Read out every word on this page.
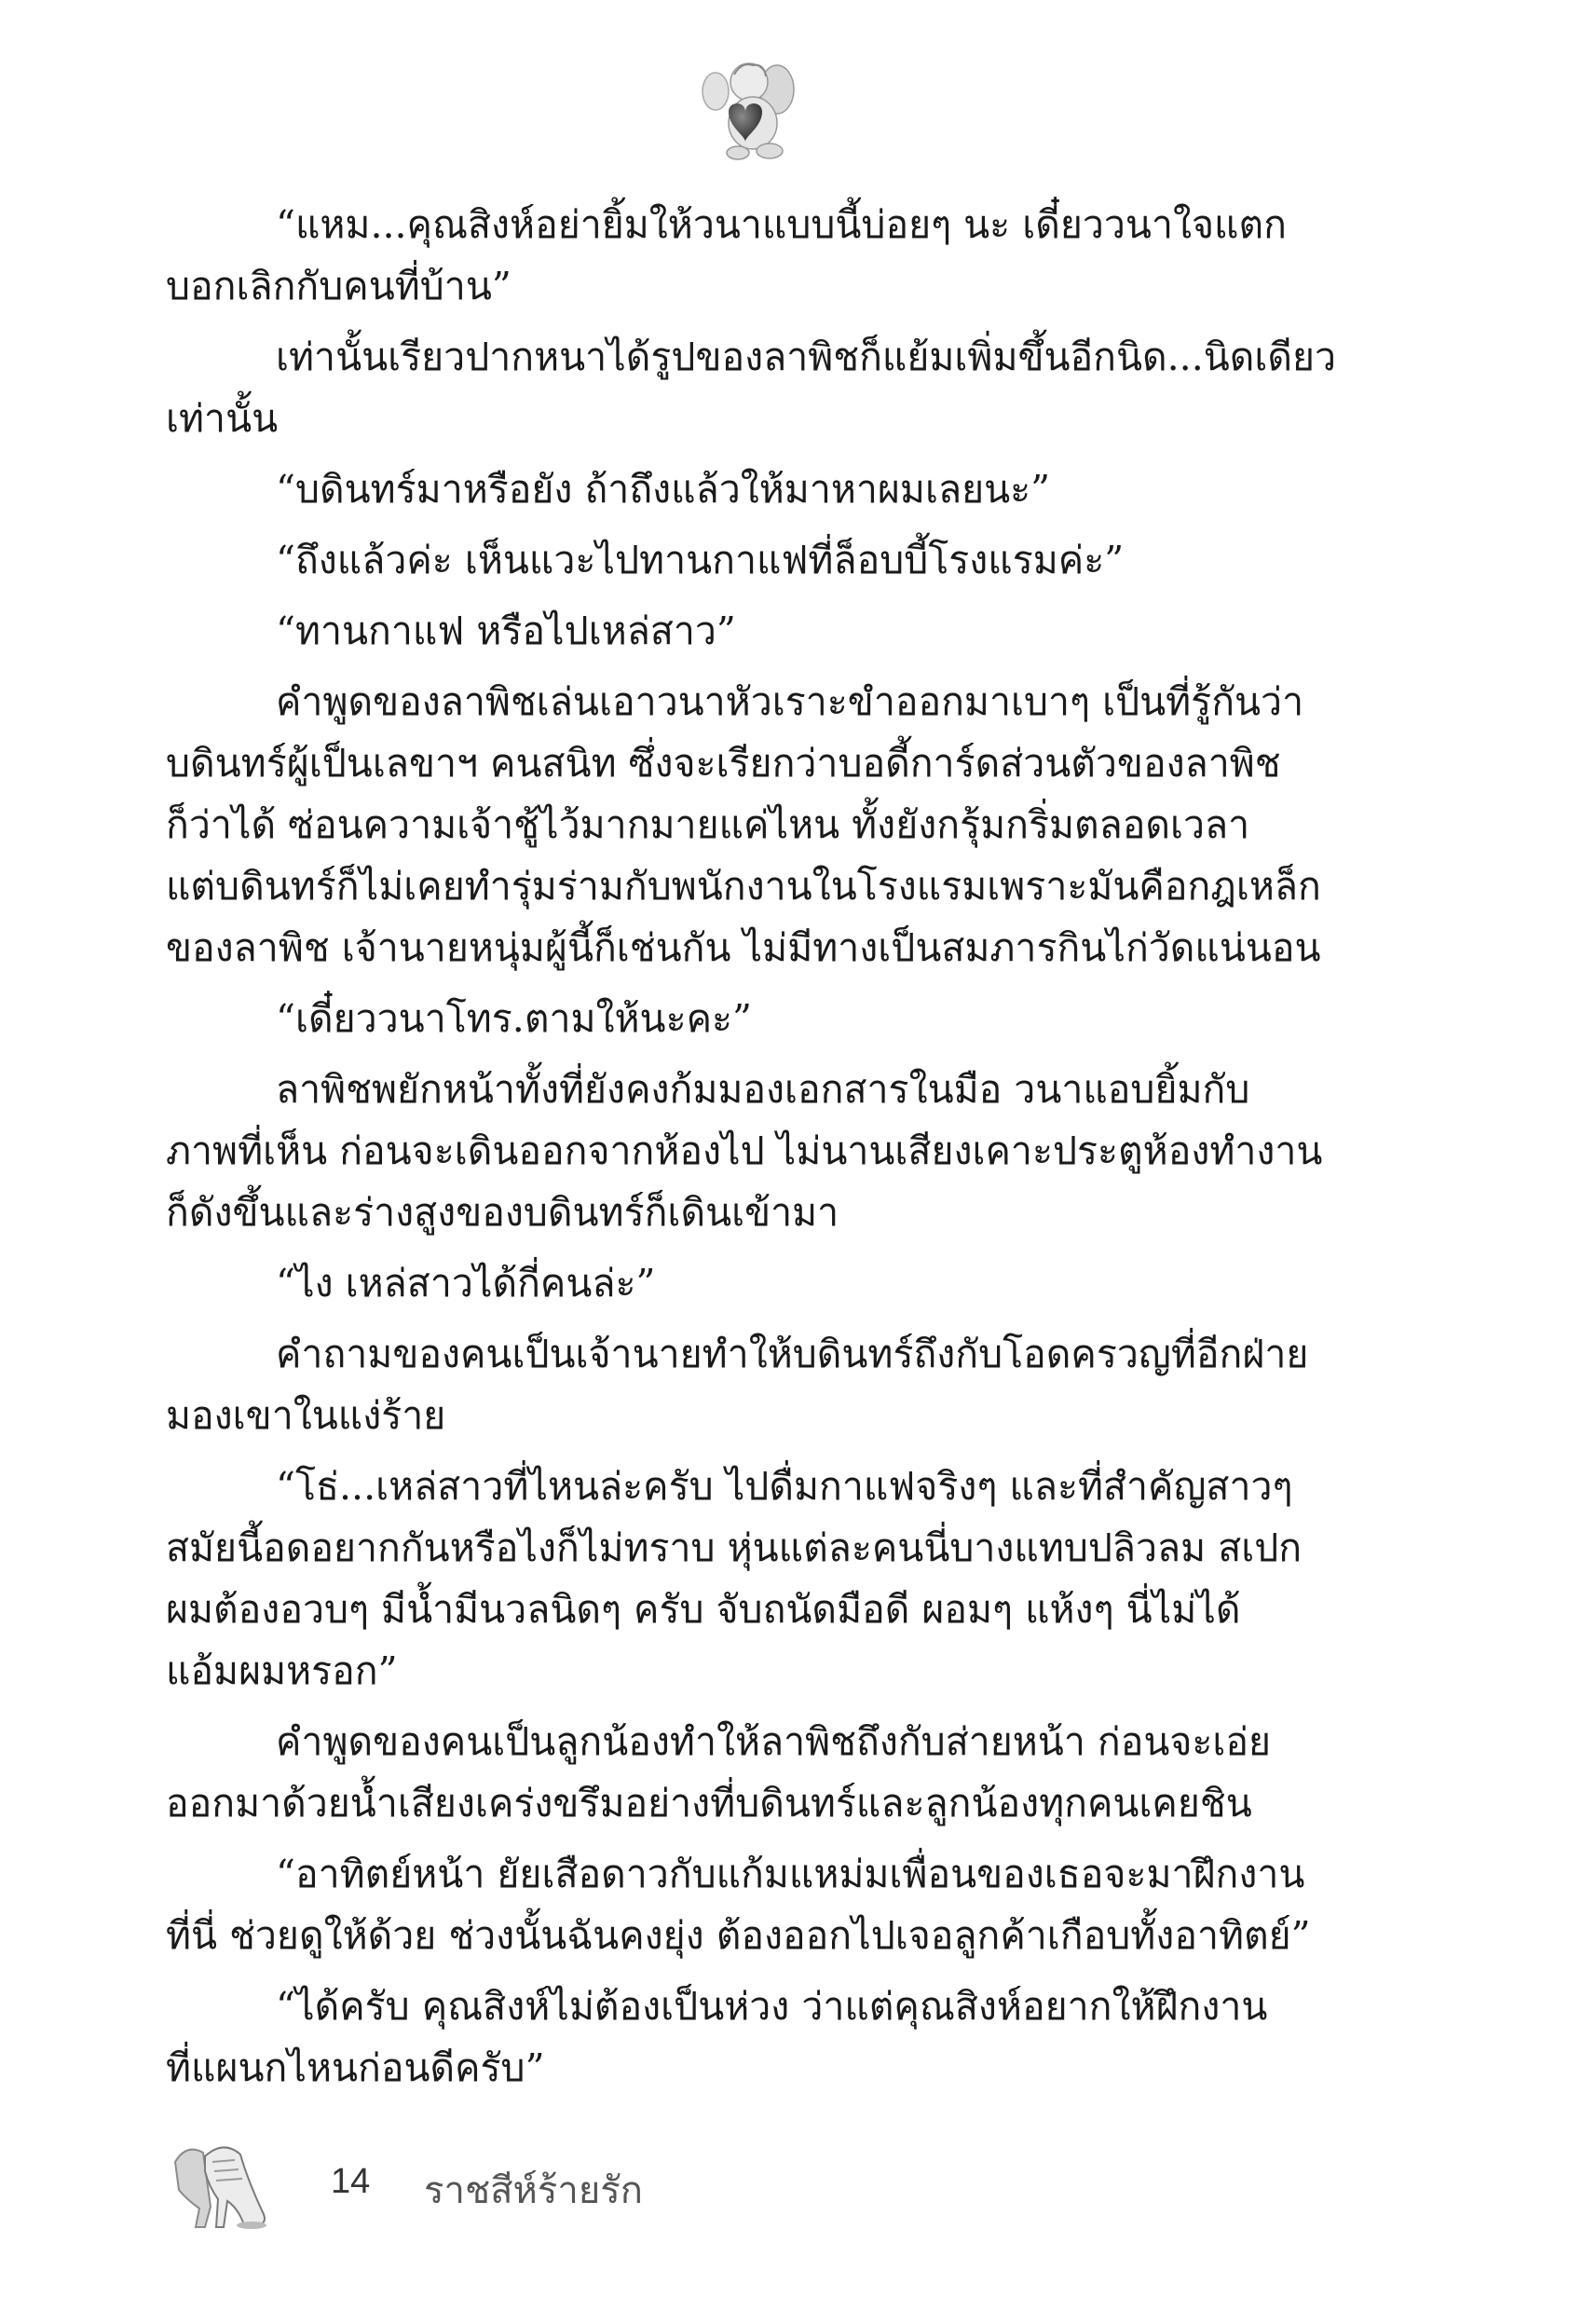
“แหม...คุณสิงห์อย่ายิ้มให้วนาแบบนี้บ่อยๆ นะ เดี๋ยววนาใจแตก
บอกเลิกกับคนที่บ้าน”

เท่านั้นเรียวปากหนาได้รูปของลาพิชก็แย้มเพิ่มขึ้นอีกนิด...นิดเดียว
เท่านั้น

“บดินทร์มาหรือยัง ถ้าถึงแล้วให้มาหาผมเลยนะ”

“ถึงแล้วค่ะ เห็นแวะไปทานกาแฟที่ล็อบบี้โรงแรมค่ะ”

“ทานกาแฟ หรือไปเหล่สาว”

คำพูดของลาพิชเล่นเอาวนาหัวเราะขำออกมาเบาๆ เป็นที่รู้กันว่า
บดินทร์ผู้เป็นเลขาฯ คนสนิท ซึ่งจะเรียกว่าบอดี้การ์ดส่วนตัวของลาพิช
ก็ว่าได้ ซ่อนความเจ้าชู้ไว้มากมายแค่ไหน ทั้งยังกรุ้มกริ่มตลอดเวลา
แต่บดินทร์ก็ไม่เคยทำรุ่มร่ามกับพนักงานในโรงแรมเพราะมันคือกฎเหล็ก
ของลาพิช เจ้านายหนุ่มผู้นี้ก็เช่นกัน ไม่มีทางเป็นสมภารกินไก่วัดแน่นอน

“เดี๋ยววนาโทร.ตามให้นะคะ”

ลาพิชพยักหน้าทั้งที่ยังคงก้มมองเอกสารในมือ วนาแอบยิ้มกับ
ภาพที่เห็น ก่อนจะเดินออกจากห้องไป ไม่นานเสียงเคาะประตูห้องทำงาน
ก็ดังขึ้นและร่างสูงของบดินทร์ก็เดินเข้ามา

“ไง เหล่สาวได้กี่คนล่ะ”

คำถามของคนเป็นเจ้านายทำให้บดินทร์ถึงกับโอดครวญที่อีกฝ่าย
มองเขาในแง่ร้าย

“โธ่...เหล่สาวที่ไหนล่ะครับ ไปดื่มกาแฟจริงๆ และที่สำคัญสาวๆ
สมัยนี้อดอยากกันหรือไงก็ไม่ทราบ หุ่นแต่ละคนนี่บางแทบปลิวลม สเปก
ผมต้องอวบๆ มีน้ำมีนวลนิดๆ ครับ จับถนัดมือดี ผอมๆ แห้งๆ นี่ไม่ได้
แอ้มผมหรอก”

คำพูดของคนเป็นลูกน้องทำให้ลาพิชถึงกับส่ายหน้า ก่อนจะเอ่ย
ออกมาด้วยน้ำเสียงเคร่งขรึมอย่างที่บดินทร์และลูกน้องทุกคนเคยชิน

“อาทิตย์หน้า ยัยเสือดาวกับแก้มแหม่มเพื่อนของเธอจะมาฝึกงาน
ที่นี่ ช่วยดูให้ด้วย ช่วงนั้นฉันคงยุ่ง ต้องออกไปเจอลูกค้าเกือบทั้งอาทิตย์”

“ได้ครับ คุณสิงห์ไม่ต้องเป็นห่วง ว่าแต่คุณสิงห์อยากให้ฝึกงาน
ที่แผนกไหนก่อนดีครับ”

14 ราชสีห์ร้ายรัก
